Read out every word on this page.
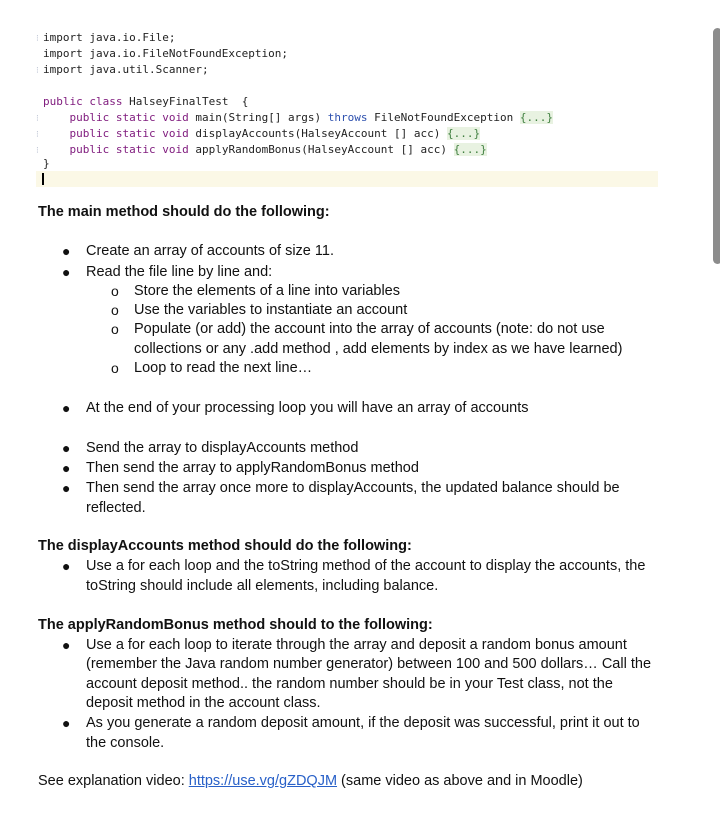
⁝ import java.io.File;
import java.io.FileNotFoundException;
⁝ import java.util.Scanner;
public class HalseyFinalTest  {
⁝	public static void main(String[] args) throws FileNotFoundException {...}
⁝	public static void displayAccounts(HalseyAccount [] acc) {...}
⁝	public static void applyRandomBonus(HalseyAccount [] acc) {...}
}
The main method should do the following:
● Create an array of accounts of size 11.
● Read the file line by line and:
o Store the elements of a line into variables
o Use the variables to instantiate an account
o Populate (or add) the account into the array of accounts (note: do not use
collections or any .add method , add elements by index as we have learned)
o Loop to read the next line…
● At the end of your processing loop you will have an array of accounts
● Send the array to displayAccounts method
● Then send the array to applyRandomBonus method
● Then send the array once more to displayAccounts, the updated balance should be
reflected.
The displayAccounts method should do the following:
● Use a for each loop and the toString method of the account to display the accounts, the
toString should include all elements, including balance.
The applyRandomBonus method should to the following:
● Use a for each loop to iterate through the array and deposit a random bonus amount
(remember the Java random number generator) between 100 and 500 dollars… Call the
account deposit method.. the random number should be in your Test class, not the
deposit method in the account class.
● As you generate a random deposit amount, if the deposit was successful, print it out to
the console.
See explanation video: https://use.vg/gZDQJM (same video as above and in Moodle)
